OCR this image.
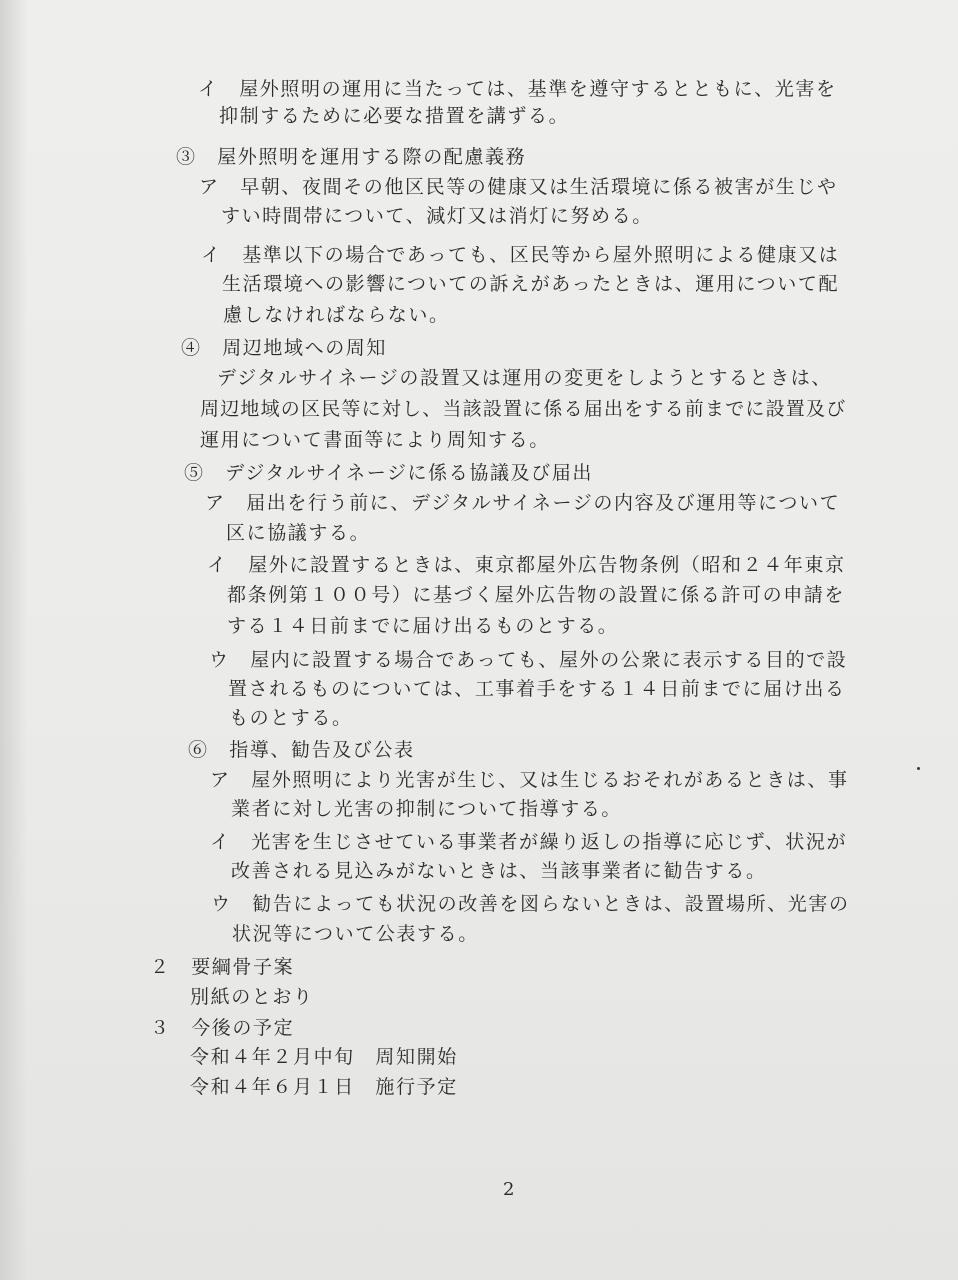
イ　屋外照明の運用に当たっては、基準を遵守するとともに、光害を
抑制するために必要な措置を講ずる。
③　屋外照明を運用する際の配慮義務
ア　早朝、夜間その他区民等の健康又は生活環境に係る被害が生じや
すい時間帯について、減灯又は消灯に努める。
イ　基準以下の場合であっても、区民等から屋外照明による健康又は
生活環境への影響についての訴えがあったときは、運用について配
慮しなければならない。
④　周辺地域への周知
デジタルサイネージの設置又は運用の変更をしようとするときは、
周辺地域の区民等に対し、当該設置に係る届出をする前までに設置及び
運用について書面等により周知する。
⑤　デジタルサイネージに係る協議及び届出
ア　届出を行う前に、デジタルサイネージの内容及び運用等について
区に協議する。
イ　屋外に設置するときは、東京都屋外広告物条例（昭和２４年東京
都条例第１００号）に基づく屋外広告物の設置に係る許可の申請を
する１４日前までに届け出るものとする。
ウ　屋内に設置する場合であっても、屋外の公衆に表示する目的で設
置されるものについては、工事着手をする１４日前までに届け出る
ものとする。
⑥　指導、勧告及び公表
ア　屋外照明により光害が生じ、又は生じるおそれがあるときは、事
業者に対し光害の抑制について指導する。
イ　光害を生じさせている事業者が繰り返しの指導に応じず、状況が
改善される見込みがないときは、当該事業者に勧告する。
ウ　勧告によっても状況の改善を図らないときは、設置場所、光害の
状況等について公表する。
２　要綱骨子案
別紙のとおり
３　今後の予定
令和４年２月中旬　周知開始
令和４年６月１日　施行予定
2
